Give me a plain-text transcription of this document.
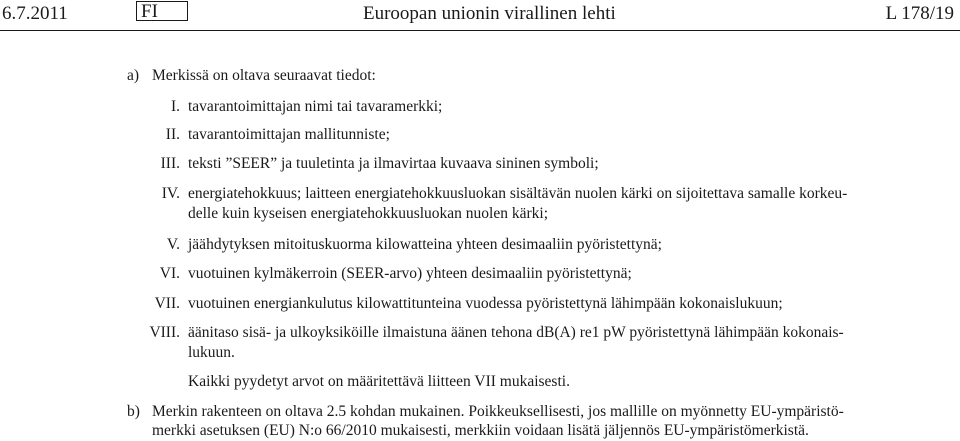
6.7.2011	FI	Euroopan unionin virallinen lehti	L 178/19
a) Merkissä on oltava seuraavat tiedot:
I. tavarantoimittajan nimi tai tavaramerkki;
II. tavarantoimittajan mallitunniste;
III. teksti ”SEER” ja tuuletinta ja ilmavirtaa kuvaava sininen symboli;
IV. energiatehokkuus; laitteen energiatehokkuusluokan sisältävän nuolen kärki on sijoitettava samalle korkeu-
delle kuin kyseisen energiatehokkuusluokan nuolen kärki;
V. jäähdytyksen mitoituskuorma kilowatteina yhteen desimaaliin pyöristettynä;
VI. vuotuinen kylmäkerroin (SEER-arvo) yhteen desimaaliin pyöristettynä;
VII. vuotuinen energiankulutus kilowattitunteina vuodessa pyöristettynä lähimpään kokonaislukuun;
VIII. äänitaso sisä- ja ulkoyksiköille ilmaistuna äänen tehona dB(A) re1 pW pyöristettynä lähimpään kokonais-
lukuun.
Kaikki pyydetyt arvot on määritettävä liitteen VII mukaisesti.
b) Merkin rakenteen on oltava 2.5 kohdan mukainen. Poikkeuksellisesti, jos mallille on myönnetty EU-ympäristö-
merkki asetuksen (EU) N:o 66/2010 mukaisesti, merkkiin voidaan lisätä jäljennös EU-ympäristömerkistä.
